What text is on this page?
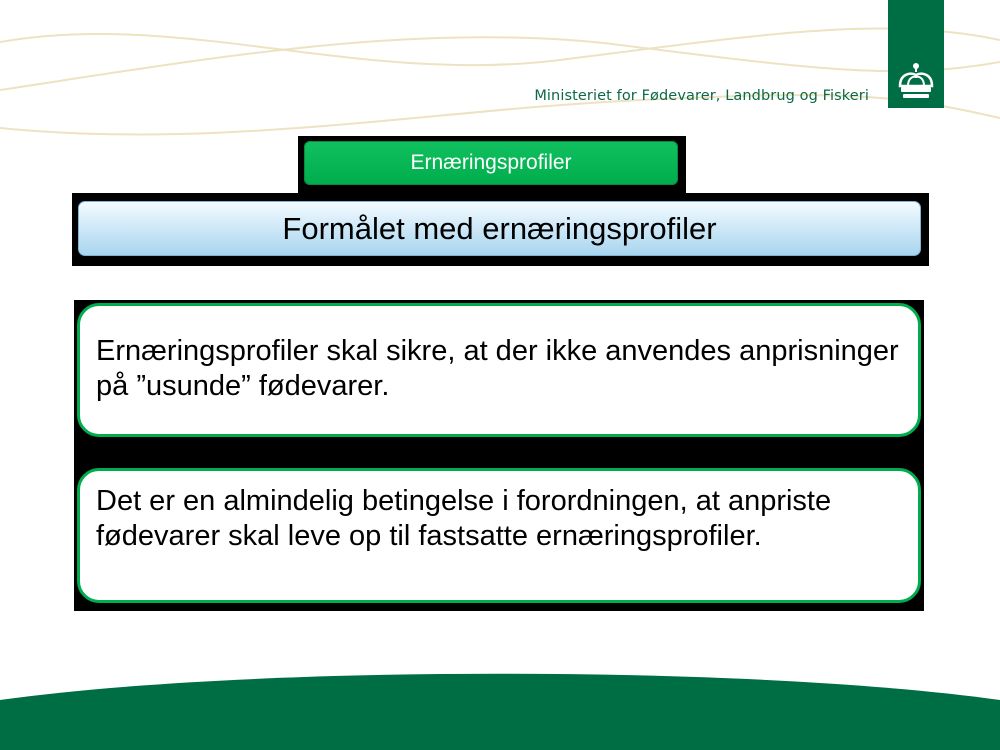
Ministeriet for Fødevarer, Landbrug og Fiskeri
Ernæringsprofiler
Formålet med ernæringsprofiler
Ernæringsprofiler skal sikre, at der ikke anvendes anprisninger på ”usunde” fødevarer.
Det er en almindelig betingelse i forordningen, at anpriste fødevarer skal leve op til fastsatte ernæringsprofiler.
